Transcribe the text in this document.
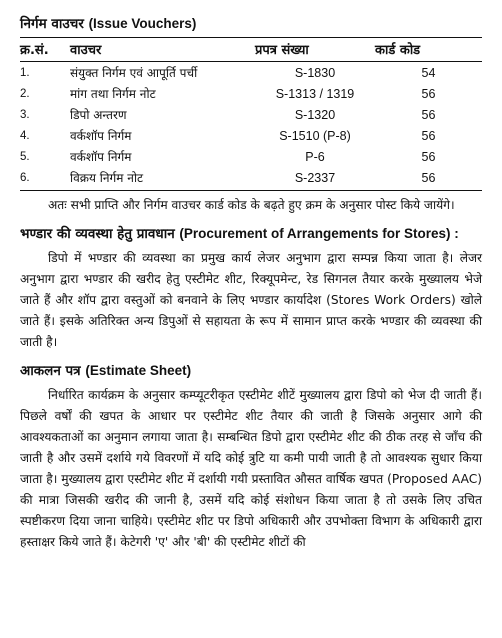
निर्गम वाउचर (Issue Vouchers)
क्र.सं.	वाउचर	प्रपत्र संख्या	कार्ड कोड
1.	संयुक्त निर्गम एवं आपूर्ति पर्ची	S-1830	54
2.	मांग तथा निर्गम नोट	S-1313 / 1319	56
3.	डिपो अन्तरण	S-1320	56
4.	वर्कशॉप निर्गम	S-1510 (P-8)	56
5.	वर्कशॉप निर्गम	P-6	56
6.	विक्रय निर्गम नोट	S-2337	56

अतः सभी प्राप्ति और निर्गम वाउचर कार्ड कोड के बढ़ते हुए क्रम के अनुसार पोस्ट किये जायेंगे।

भण्डार की व्यवस्था हेतु प्रावधान (Procurement of Arrangements for Stores) :

डिपो में भण्डार की व्यवस्था का प्रमुख कार्य लेजर अनुभाग द्वारा सम्पन्न किया जाता है। लेजर अनुभाग द्वारा भण्डार की खरीद हेतु एस्टीमेट शीट, रिक्यूपमेन्ट, रेड सिगनल तैयार करके मुख्यालय भेजे जाते हैं और शॉप द्वारा वस्तुओं को बनवाने के लिए भण्डार कार्यादेश (Stores Work Orders) खोले जाते हैं। इसके अतिरिक्त अन्य डिपुओं से सहायता के रूप में सामान प्राप्त करके भण्डार की व्यवस्था की जाती है।

आकलन पत्र (Estimate Sheet)

निर्धारित कार्यक्रम के अनुसार कम्प्यूटरीकृत एस्टीमेट शीटें मुख्यालय द्वारा डिपो को भेज दी जाती हैं। पिछले वर्षों की खपत के आधार पर एस्टीमेट शीट तैयार की जाती है जिसके अनुसार आगे की आवश्यकताओं का अनुमान लगाया जाता है। सम्बन्धित डिपो द्वारा एस्टीमेट शीट की ठीक तरह से जाँच की जाती है और उसमें दर्शाये गये विवरणों में यदि कोई त्रुटि या कमी पायी जाती है तो आवश्यक सुधार किया जाता है। मुख्यालय द्वारा एस्टीमेट शीट में दर्शायी गयी प्रस्तावित औसत वार्षिक खपत (Proposed AAC) की मात्रा जिसकी खरीद की जानी है, उसमें यदि कोई संशोधन किया जाता है तो उसके लिए उचित स्पष्टीकरण दिया जाना चाहिये। एस्टीमेट शीट पर डिपो अधिकारी और उपभोक्ता विभाग के अधिकारी द्वारा हस्ताक्षर किये जाते हैं। केटेगरी 'ए' और 'बी' की एस्टीमेट शीटों की
